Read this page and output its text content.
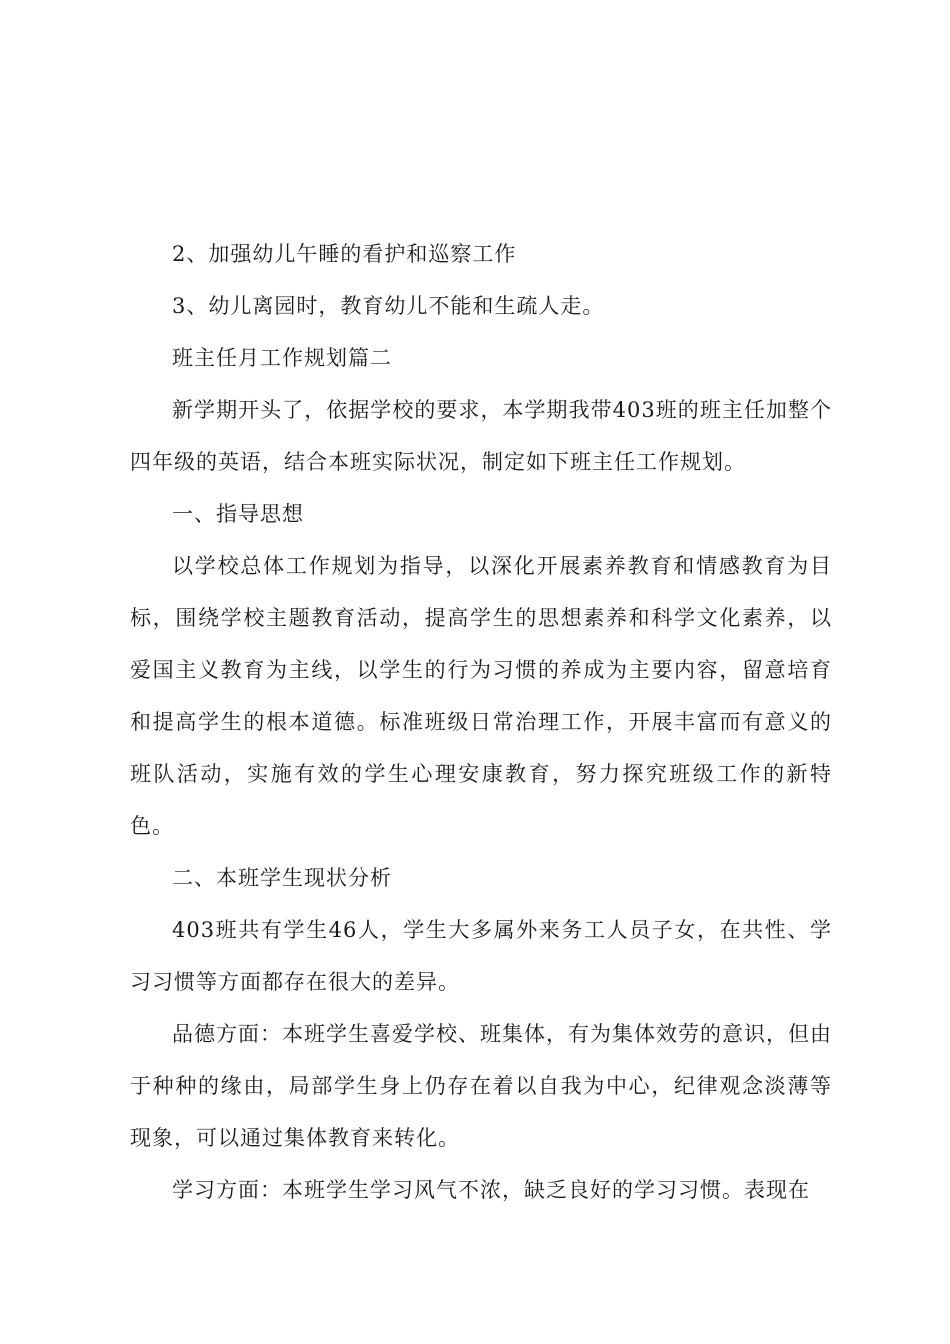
2、加强幼儿午睡的看护和巡察工作

3、幼儿离园时，教育幼儿不能和生疏人走。

班主任月工作规划篇二

新学期开头了，依据学校的要求，本学期我带403班的班主任加整个四年级的英语，结合本班实际状况，制定如下班主任工作规划。

一、指导思想

以学校总体工作规划为指导，以深化开展素养教育和情感教育为目标，围绕学校主题教育活动，提高学生的思想素养和科学文化素养，以爱国主义教育为主线，以学生的行为习惯的养成为主要内容，留意培育和提高学生的根本道德。标准班级日常治理工作，开展丰富而有意义的班队活动，实施有效的学生心理安康教育，努力探究班级工作的新特色。

二、本班学生现状分析

403班共有学生46人，学生大多属外来务工人员子女，在共性、学习习惯等方面都存在很大的差异。

品德方面：本班学生喜爱学校、班集体，有为集体效劳的意识，但由于种种的缘由，局部学生身上仍存在着以自我为中心，纪律观念淡薄等现象，可以通过集体教育来转化。

学习方面：本班学生学习风气不浓，缺乏良好的学习习惯。表现在
